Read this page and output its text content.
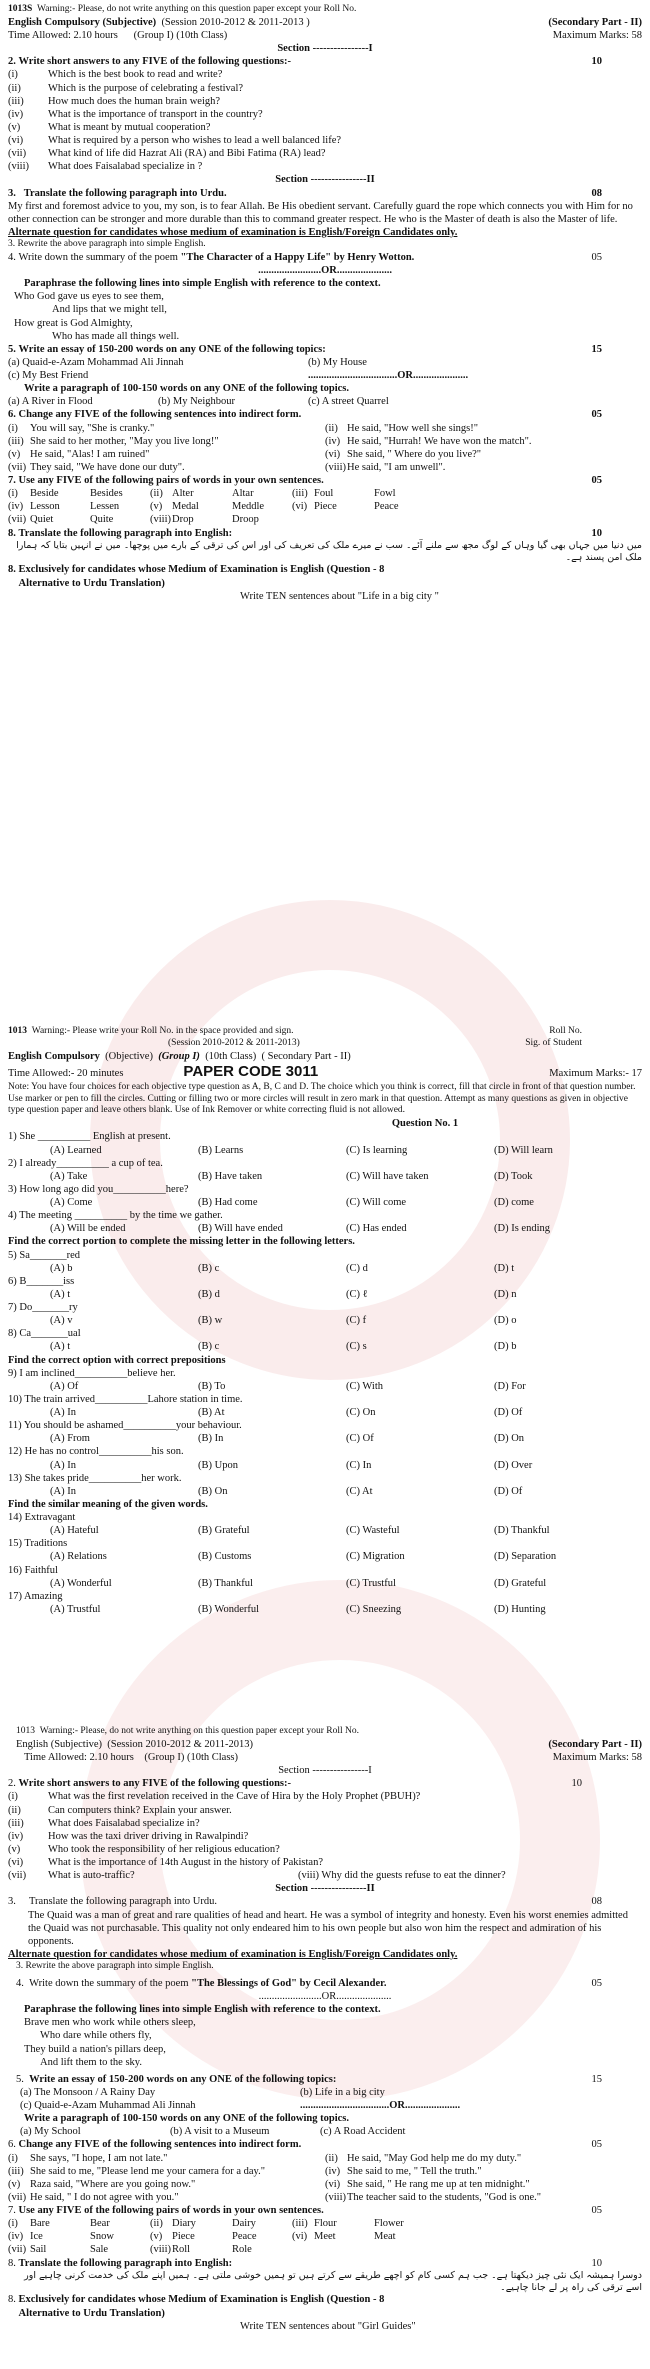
1013S
Warning:- Please, do not write anything on this question paper except your Roll No.
English Compulsory (Subjective)
(Session 2010-2012 & 2011-2013 )	(Secondary Part - II)
Time Allowed: 2.10 hours
(Group I) (10th Class)	Maximum Marks: 58
Section ----------------I
2.
Write short answers to any FIVE of the following questions:-	10
(i)	Which is the best book to read and write?
(ii)	Which is the purpose of celebrating a festival?
(iii)	How much does the human brain weigh?
(iv)	What is the importance of transport in the country?
(v)	What is meant by mutual cooperation?
(vi)	What is required by a person who wishes to lead a well balanced life?
(vii)	What kind of life did Hazrat Ali (RA) and Bibi Fatima (RA) lead?
(viii)	What does Faisalabad specialize in ?
Section ----------------II
3.
Translate the following paragraph into Urdu.	08
My first and foremost advice to you, my son, is to fear Allah. Be His obedient servant. Carefully guard the rope which connects you with Him for no other connection can be stronger and more durable than this to command greater respect. He who is the Master of death is also the Master of life.
Alternate question for candidates whose medium of examination is English/Foreign Candidates only.
3. Rewrite the above paragraph into simple English.
4.
Write down the summary of the poem
"The Character of a Happy Life" by Henry Wotton.	05
........................OR.....................
Paraphrase the following lines into simple English with reference to the context.
Who God gave us eyes to see them,
And lips that we might tell,
How great is God Almighty,
Who has made all things well.
5.
Write an essay of 150-200 words on any ONE of the following topics:	15
(a) Quaid-e-Azam Mohammad Ali Jinnah	(b) My House
(c) My Best Friend	..................................OR.....................
Write a paragraph of 100-150 words on any ONE of the following topics.
(a) A River in Flood	(b) My Neighbour	(c) A street Quarrel
6.
Change any FIVE of the following sentences into indirect form.	05
(i)	You will say, "She is cranky."	(ii) He said, "How well she sings!"
(iii) She said to her mother, "May you live long!"	(iv) He said, "Hurrah! We have won the match".
(v) He said, "Alas! I am ruined"	(vi) She said, " Where do you live?"
(vii) They said, "We have done our duty".	(viii) He said, "I am unwell".
7.
Use any FIVE of the following pairs of words in your own sentences.	05
(i)	Beside	Besides	(ii) Alter	Altar	(iii) Foul	Fowl
(iv) Lesson	Lessen	(v) Medal	Meddle	(vi) Piece	Peace
(vii) Quiet	Quite	(viii) Drop	Droop
8.
Translate the following paragraph into English:	10
میں دنیا میں جہاں بھی گیا وہاں کے لوگ مجھ سے ملنے آئے۔ سب نے میرے ملک کی تعریف کی اور اس کی ترقی کے بارے میں پوچھا۔ میں نے انہیں بتایا کہ ہمارا ملک امن پسند ہے۔
8.
Exclusively for candidates whose Medium of Examination is English (Question - 8 Alternative to Urdu Translation)
Write TEN sentences about "Life in a big city "
1013
Warning:- Please write your Roll No. in the space provided and sign.	Roll No.
(Session 2010-2012 & 2011-2013)	Sig. of Student
English Compulsory
(Objective)
(Group I)
(10th Class)
( Secondary Part - II)
Time Allowed:- 20 minutes	PAPER CODE 3011	Maximum Marks:- 17
Note: You have four choices for each objective type question as A, B, C and D. The choice which you think is correct, fill that circle in front of that question number. Use marker or pen to fill the circles. Cutting or filling two or more circles will result in zero mark in that question. Attempt as many questions as given in objective type question paper and leave others blank. Use of Ink Remover or white correcting fluid is not allowed.
Question No. 1
1) She __________ English at present.
(A) Learned	(B) Learns	(C) Is learning	(D) Will learn
2) I already__________ a cup of tea.
(A) Take	(B) Have taken	(C) Will have taken	(D) Took
3) How long ago did you__________here?
(A) Come	(B) Had come	(C) Will come	(D) come
4) The meeting __________ by the time we gather.
(A) Will be ended	(B) Will have ended	(C) Has ended	(D) Is ending
Find the correct portion to complete the missing letter in the following letters.
5) Sa_______red
(A) b	(B) c	(C) d	(D) t
6) B_______iss
(A) t	(B) d	(C) ℓ	(D) n
7) Do_______ry
(A) v	(B) w	(C) f	(D) o
8) Ca_______ual
(A) t	(B) c	(C) s	(D) b
Find the correct option with correct prepositions
9) I am inclined__________believe her.
(A) Of	(B) To	(C) With	(D) For
10) The train arrived__________Lahore station in time.
(A) In	(B) At	(C) On	(D) Of
11) You should be ashamed__________your behaviour.
(A) From	(B) In	(C) Of	(D) On
12) He has no control__________his son.
(A) In	(B) Upon	(C) In	(D) Over
13) She takes pride__________her work.
(A) In	(B) On	(C) At	(D) Of
Find the similar meaning of the given words.
14) Extravagant
(A) Hateful	(B) Grateful	(C) Wasteful	(D) Thankful
15) Traditions
(A) Relations	(B) Customs	(C) Migration	(D) Separation
16) Faithful
(A) Wonderful	(B) Thankful	(C) Trustful	(D) Grateful
17) Amazing
(A) Trustful	(B) Wonderful	(C) Sneezing	(D) Hunting
1013
Warning:- Please, do not write anything on this question paper except your Roll No.
English (Subjective)
(Session 2010-2012 & 2011-2013)	(Secondary Part - II)
Time Allowed: 2.10 hours
(Group I) (10th Class)	Maximum Marks: 58
Section ----------------I
2.
Write short answers to any FIVE of the following questions:-	10
(i)	What was the first revelation received in the Cave of Hira by the Holy Prophet (PBUH)?
(ii)	Can computers think? Explain your answer.
(iii)	What does Faisalabad specialize in?
(iv)	How was the taxi driver driving in Rawalpindi?
(v)	Who took the responsibility of her religious education?
(vi)	What is the importance of 14th August in the history of Pakistan?
(vii)	What is auto-traffic?	(viii) Why did the guests refuse to eat the dinner?
Section ----------------II
3.
Translate the following paragraph into Urdu.	08
The Quaid was a man of great and rare qualities of head and heart. He was a symbol of integrity and honesty. Even his worst enemies admitted the Quaid was not purchasable. This quality not only endeared him to his own people but also won him the respect and admiration of his opponents.
Alternate question for candidates whose medium of examination is English/Foreign Candidates only.
3. Rewrite the above paragraph into simple English.
4.
Write down the summary of the poem
"The Blessings of God" by Cecil Alexander.	05
........................OR.....................
Paraphrase the following lines into simple English with reference to the context.
Brave men who work while others sleep,
Who dare while others fly,
They build a nation's pillars deep,
And lift them to the sky.
5.
Write an essay of 150-200 words on any ONE of the following topics:	15
(a) The Monsoon / A Rainy Day	(b) Life in a big city
(c) Quaid-e-Azam Muhammad Ali Jinnah	..................................OR.....................
Write a paragraph of 100-150 words on any ONE of the following topics.
(a) My School	(b) A visit to a Museum	(c) A Road Accident
6.
Change any FIVE of the following sentences into indirect form.	05
(i)	She says, "I hope, I am not late."	(ii) He said, "May God help me do my duty."
(iii) She said to me, "Please lend me your camera for a day."	(iv) She said to me, " Tell the truth."
(v) Raza said, "Where are you going now."	(vi) She said, " He rang me up at ten midnight."
(vii) He said, " I do not agree with you."	(viii) The teacher said to the students, "God is one."
7.
Use any FIVE of the following pairs of words in your own sentences.	05
(i)	Bare	Bear	(ii) Diary	Dairy	(iii) Flour	Flower
(iv) Ice	Snow	(v) Piece	Peace	(vi) Meet	Meat
(vii) Sail	Sale	(viii) Roll	Role
8.
Translate the following paragraph into English:	10
دوسرا ہمیشہ ایک نئی چیز دیکھتا ہے۔ جب ہم کسی کام کو اچھے طریقے سے کرتے ہیں تو ہمیں خوشی ملتی ہے۔ ہمیں اپنے ملک کی خدمت کرنی چاہیے اور اسے ترقی کی راہ پر لے جانا چاہیے۔
8.
Exclusively for candidates whose Medium of Examination is English (Question - 8 Alternative to Urdu Translation)
Write TEN sentences about "Girl Guides"
